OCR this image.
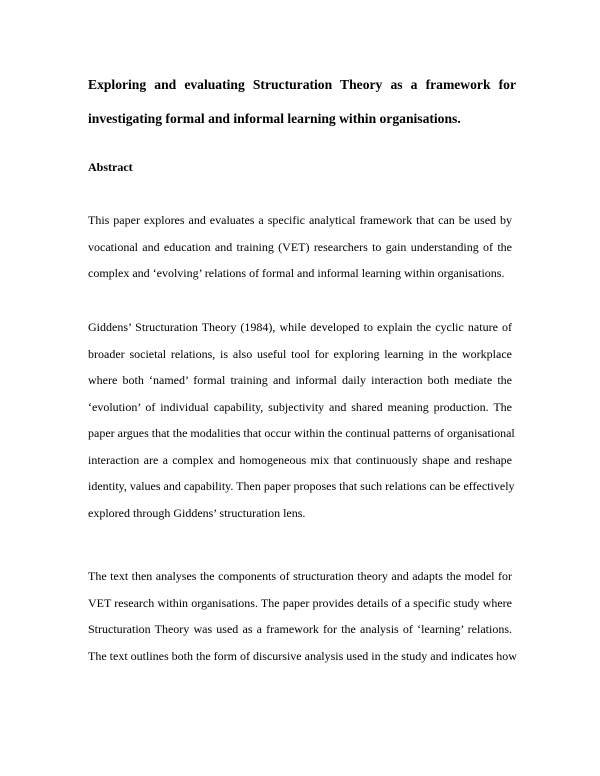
Exploring and evaluating Structuration Theory as a framework for
investigating formal and informal learning within organisations.
Abstract
This paper explores and evaluates a specific analytical framework that can be used by
vocational and education and training (VET) researchers to gain understanding of the
complex and ‘evolving’ relations of formal and informal learning within organisations.
Giddens’ Structuration Theory (1984), while developed to explain the cyclic nature of
broader societal relations, is also useful tool for exploring learning in the workplace
where both ‘named’ formal training and informal daily interaction both mediate the
‘evolution’ of individual capability, subjectivity and shared meaning production. The
paper argues that the modalities that occur within the continual patterns of organisational
interaction are a complex and homogeneous mix that continuously shape and reshape
identity, values and capability. Then paper proposes that such relations can be effectively
explored through Giddens’ structuration lens.
The text then analyses the components of structuration theory and adapts the model for
VET research within organisations. The paper provides details of a specific study where
Structuration Theory was used as a framework for the analysis of ‘learning’ relations.
The text outlines both the form of discursive analysis used in the study and indicates how
